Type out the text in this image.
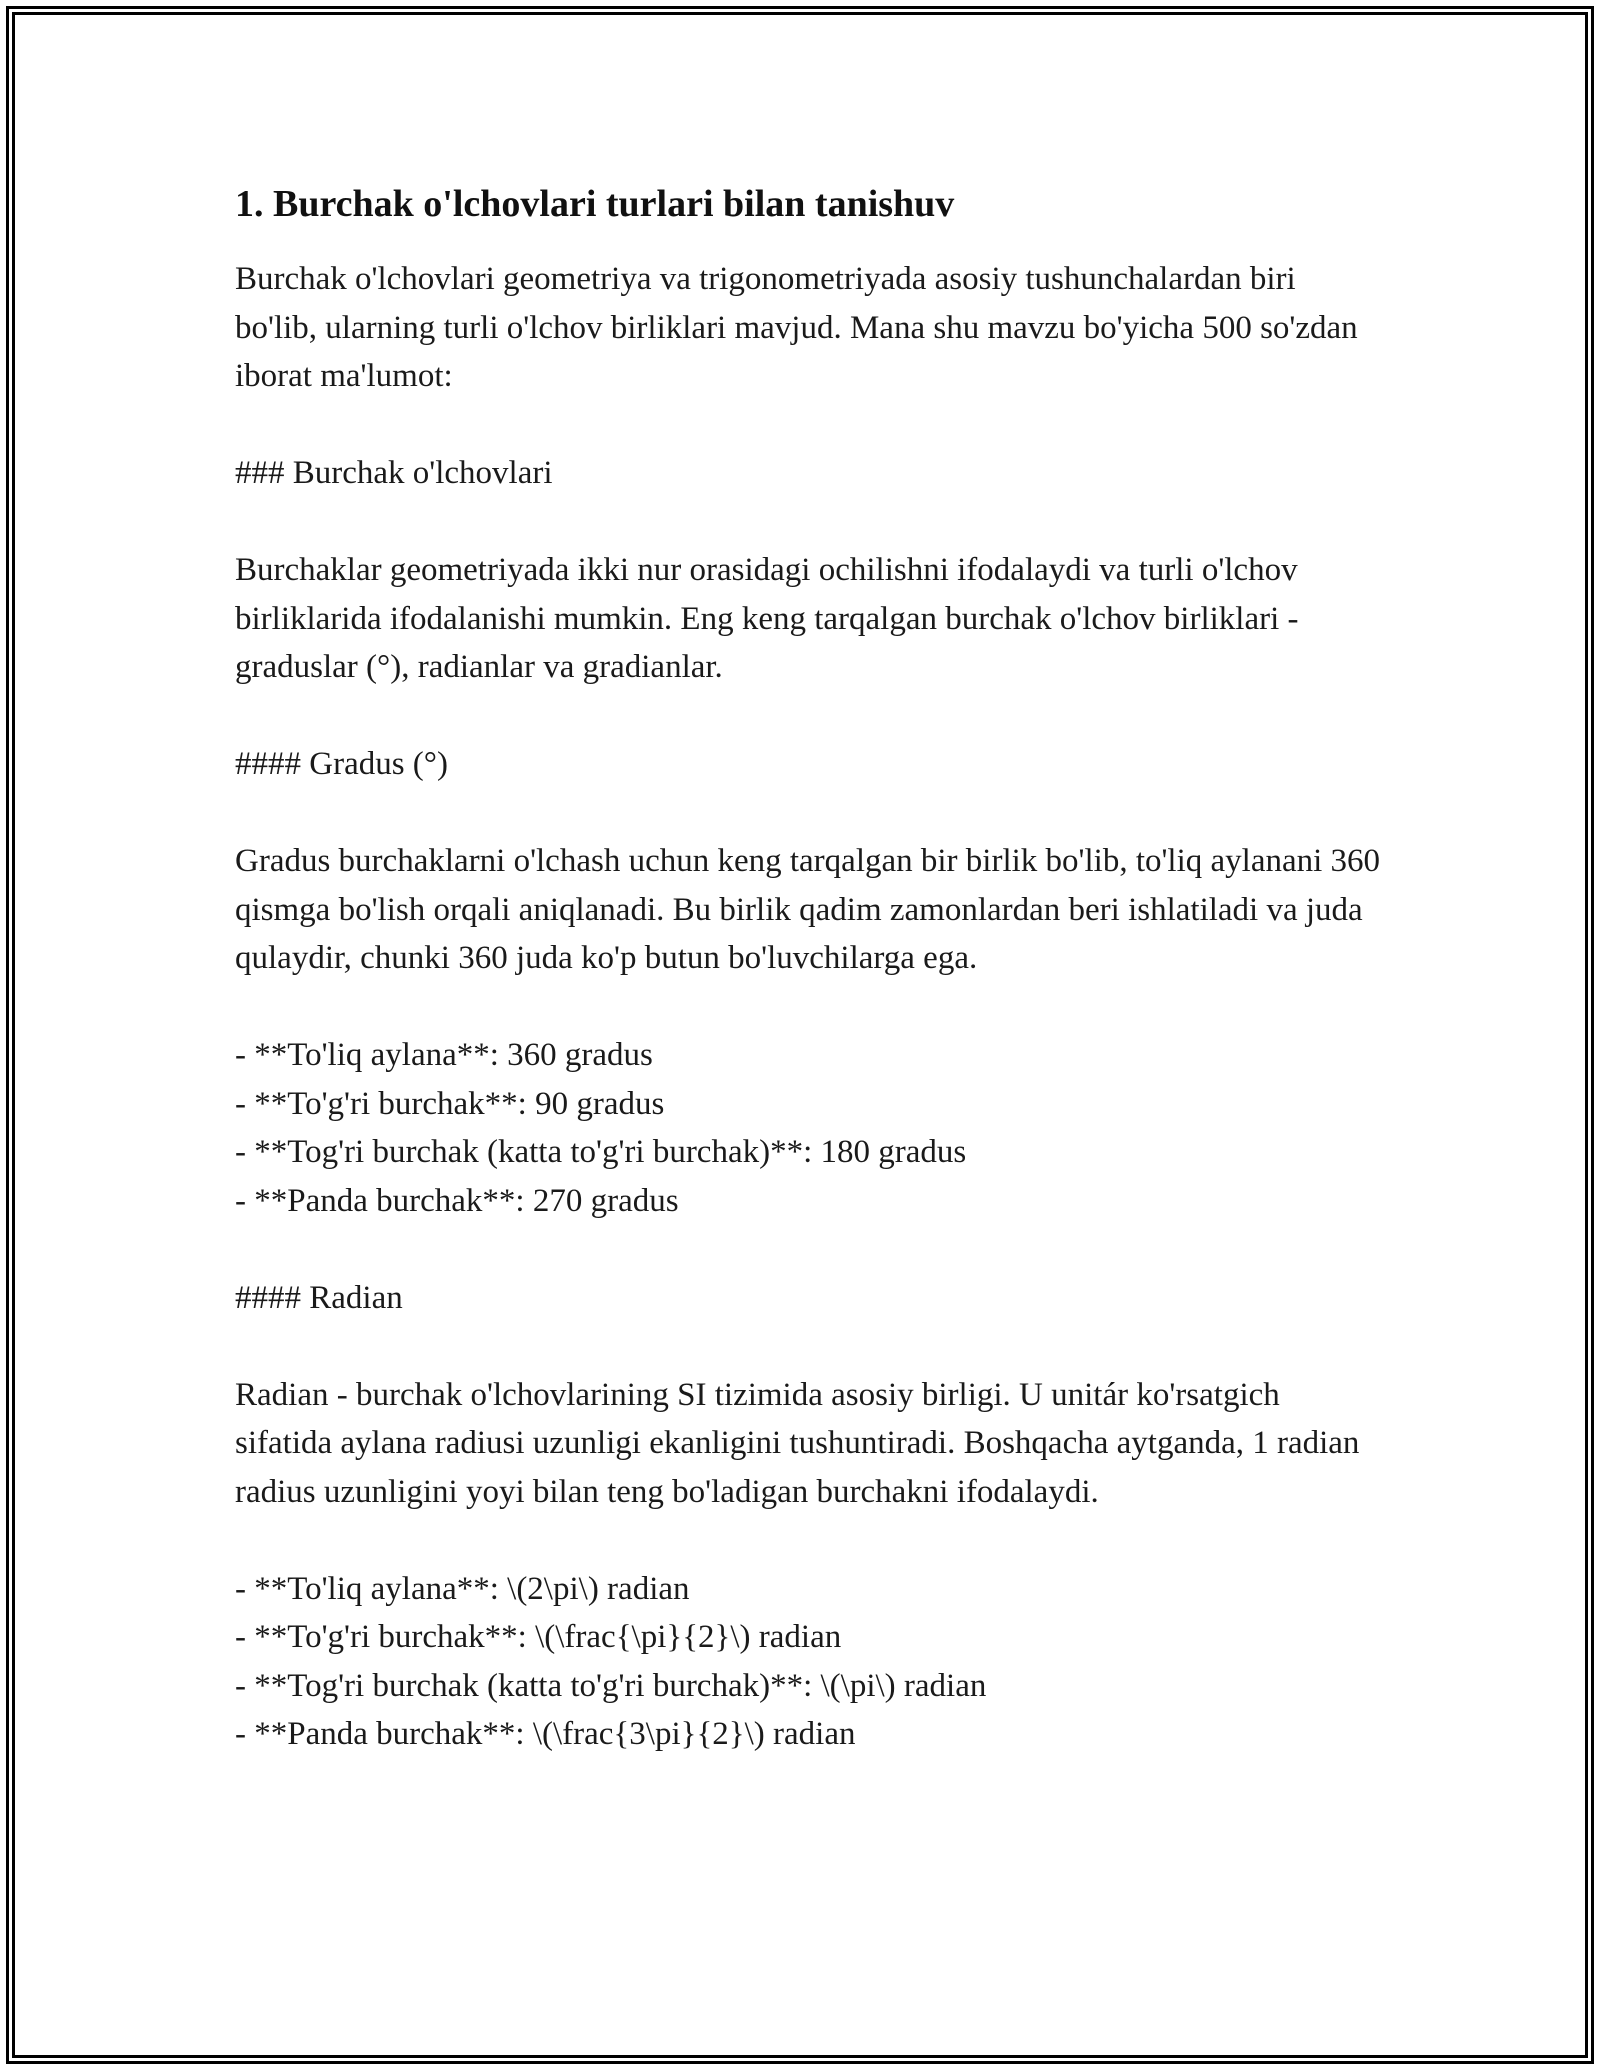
1. Burchak o'lchovlari turlari bilan tanishuv

Burchak o'lchovlari geometriya va trigonometriyada asosiy tushunchalardan biri bo'lib, ularning turli o'lchov birliklari mavjud. Mana shu mavzu bo'yicha 500 so'zdan iborat ma'lumot:

### Burchak o'lchovlari

Burchaklar geometriyada ikki nur orasidagi ochilishni ifodalaydi va turli o'lchov birliklarida ifodalanishi mumkin. Eng keng tarqalgan burchak o'lchov birliklari - graduslar (°), radianlar va gradianlar.

#### Gradus (°)

Gradus burchaklarni o'lchash uchun keng tarqalgan bir birlik bo'lib, to'liq aylanani 360 qismga bo'lish orqali aniqlanadi. Bu birlik qadim zamonlardan beri ishlatiladi va juda qulaydir, chunki 360 juda ko'p butun bo'luvchilarga ega.

- **To'liq aylana**: 360 gradus
- **To'g'ri burchak**: 90 gradus
- **Tog'ri burchak (katta to'g'ri burchak)**: 180 gradus
- **Panda burchak**: 270 gradus

#### Radian

Radian - burchak o'lchovlarining SI tizimida asosiy birligi. U unitár ko'rsatgich sifatida aylana radiusi uzunligi ekanligini tushuntiradi. Boshqacha aytganda, 1 radian radius uzunligini yoyi bilan teng bo'ladigan burchakni ifodalaydi.

- **To'liq aylana**: \(2\pi\) radian
- **To'g'ri burchak**: \(\frac{\pi}{2}\) radian
- **Tog'ri burchak (katta to'g'ri burchak)**: \(\pi\) radian
- **Panda burchak**: \(\frac{3\pi}{2}\) radian
